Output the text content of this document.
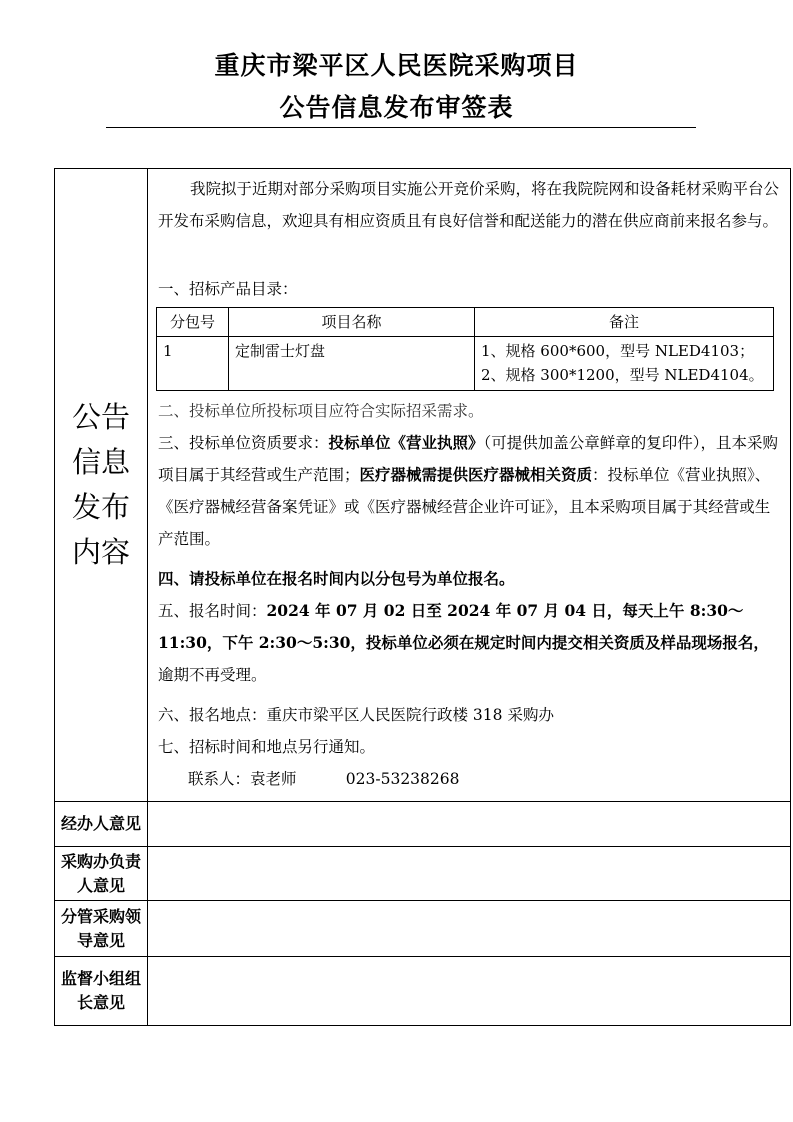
重庆市梁平区人民医院采购项目
公告信息发布审签表
公告
信息
发布
内容

我院拟于近期对部分采购项目实施公开竞价采购，将在我院院网和设备耗材采购平台公开发布采购信息，欢迎具有相应资质且有良好信誉和配送能力的潜在供应商前来报名参与。
一、招标产品目录：
分包号	项目名称	备注
1	定制雷士灯盘	1、规格 600*600，型号 NLED4103；
2、规格 300*1200，型号 NLED4104。
二、投标单位所投标项目应符合实际招采需求。
三、投标单位资质要求：投标单位《营业执照》（可提供加盖公章鲜章的复印件），且本采购项目属于其经营或生产范围；医疗器械需提供医疗器械相关资质：投标单位《营业执照》、《医疗器械经营备案凭证》或《医疗器械经营企业许可证》，且本采购项目属于其经营或生产范围。
四、请投标单位在报名时间内以分包号为单位报名。
五、报名时间：2024 年 07 月 02 日至 2024 年 07 月 04 日，每天上午 8:30～11:30，下午 2:30～5:30，投标单位必须在规定时间内提交相关资质及样品现场报名，逾期不再受理。
六、报名地点：重庆市梁平区人民医院行政楼 318 采购办
七、招标时间和地点另行通知。
联系人：袁老师          023-53238268

经办人意见	
采购办负责人意见	
分管采购领导意见	
监督小组组长意见	
